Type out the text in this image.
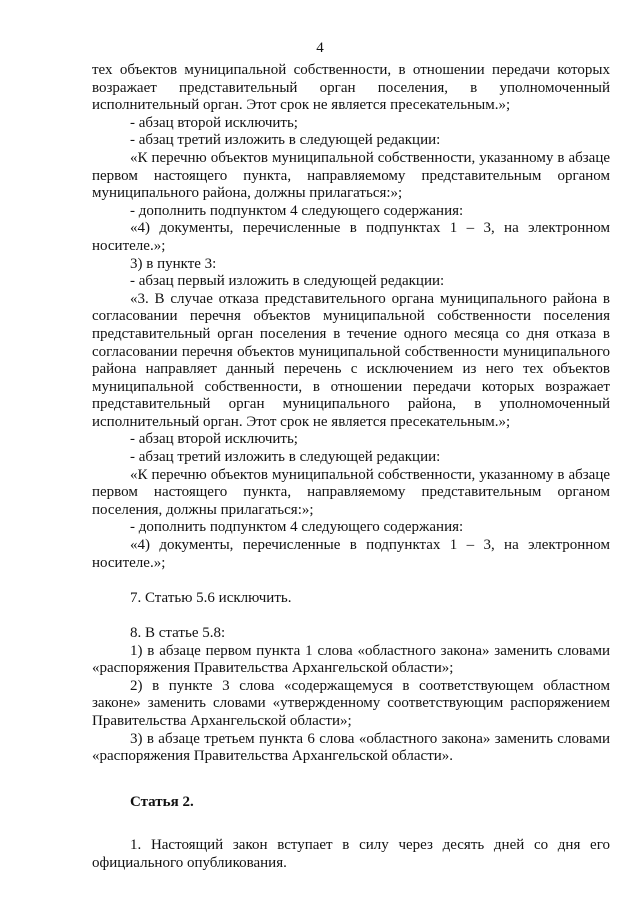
4

тех объектов муниципальной собственности, в отношении передачи которых возражает представительный орган поселения, в уполномоченный исполнительный орган. Этот срок не является пресекательным.»;

- абзац второй исключить;

- абзац третий изложить в следующей редакции:

«К перечню объектов муниципальной собственности, указанному в абзаце первом настоящего пункта, направляемому представительным органом муниципального района, должны прилагаться:»;

- дополнить подпунктом 4 следующего содержания:

«4) документы, перечисленные в подпунктах 1 – 3, на электронном носителе.»;

3) в пункте 3:

- абзац первый изложить в следующей редакции:

«3. В случае отказа представительного органа муниципального района в согласовании перечня объектов муниципальной собственности поселения представительный орган поселения в течение одного месяца со дня отказа в согласовании перечня объектов муниципальной собственности муниципального района направляет данный перечень с исключением из него тех объектов муниципальной собственности, в отношении передачи которых возражает представительный орган муниципального района, в уполномоченный исполнительный орган. Этот срок не является пресекательным.»;

- абзац второй исключить;

- абзац третий изложить в следующей редакции:

«К перечню объектов муниципальной собственности, указанному в абзаце первом настоящего пункта, направляемому представительным органом поселения, должны прилагаться:»;

- дополнить подпунктом 4 следующего содержания:

«4) документы, перечисленные в подпунктах 1 – 3, на электронном носителе.»;

7. Статью 5.6 исключить.

8. В статье 5.8:

1) в абзаце первом пункта 1 слова «областного закона» заменить словами «распоряжения Правительства Архангельской области»;

2) в пункте 3 слова «содержащемуся в соответствующем областном законе» заменить словами «утвержденному соответствующим распоряжением Правительства Архангельской области»;

3) в абзаце третьем пункта 6 слова «областного закона» заменить словами «распоряжения Правительства Архангельской области».

Статья 2.

1. Настоящий закон вступает в силу через десять дней со дня его официального опубликования.
